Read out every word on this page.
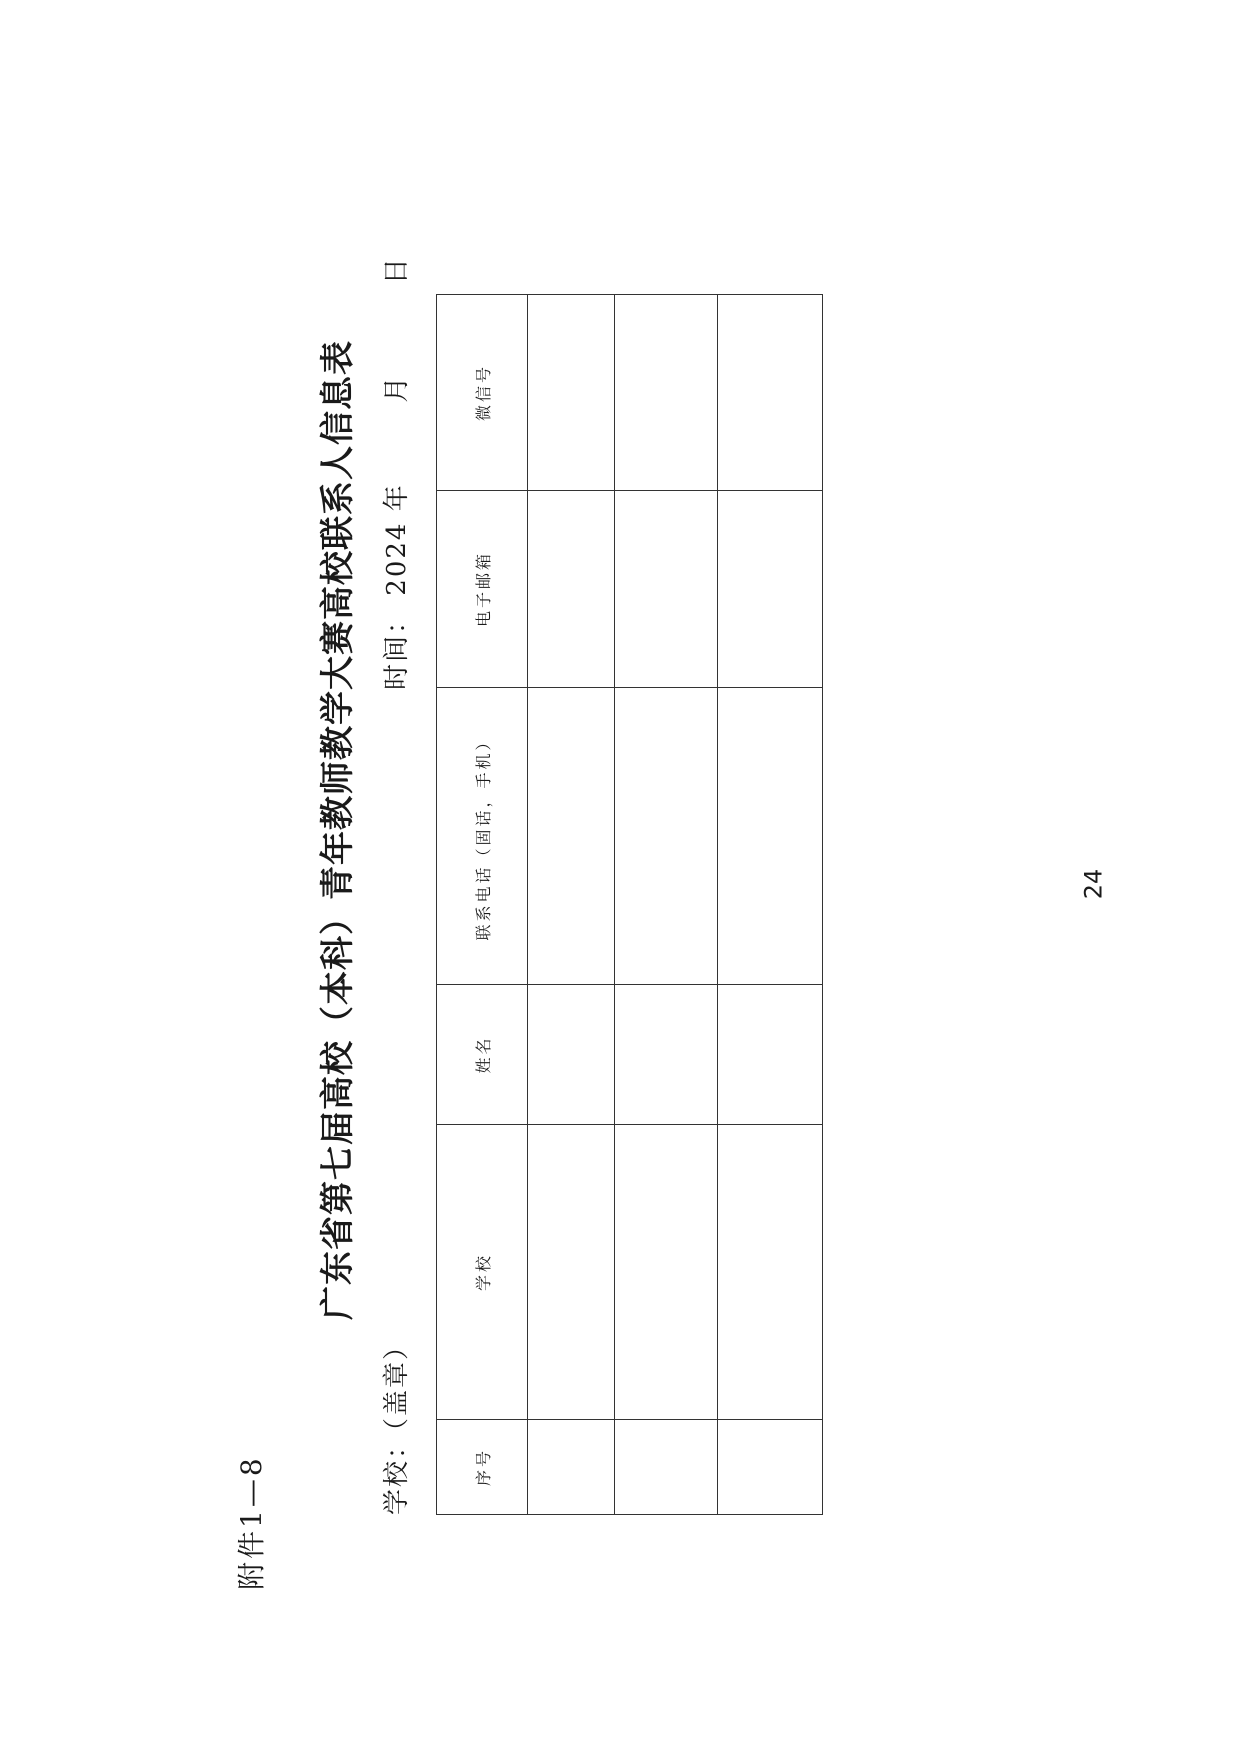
附件1—8
广东省第七届高校（本科）青年教师教学大赛高校联系人信息表
学校：（盖章）
时间： 2024 年  月  日
序号	学校	姓名	联系电话（固话，手机）	电子邮箱	微信号

24
